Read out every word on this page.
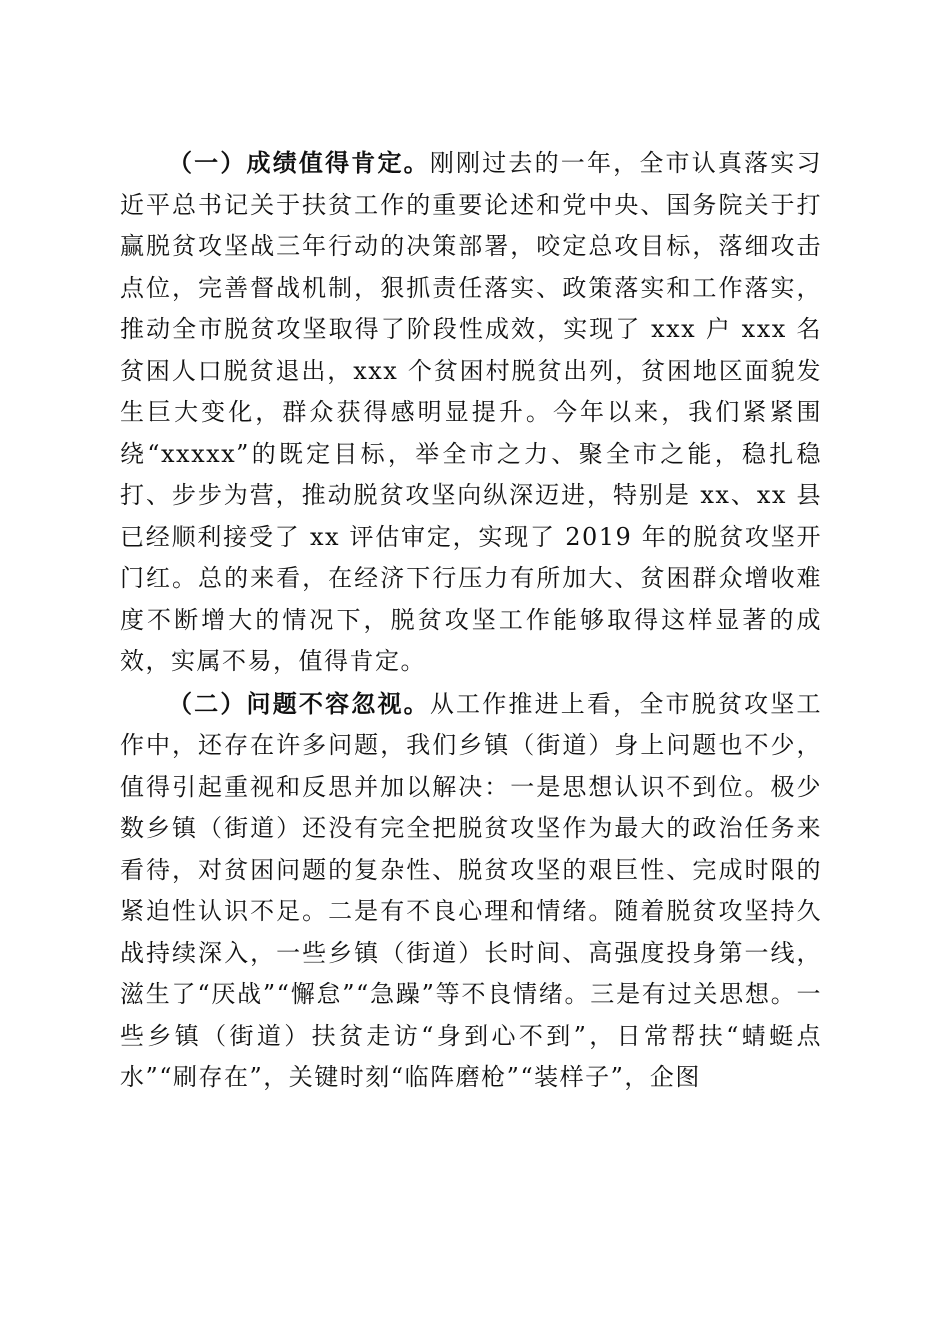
（一）成绩值得肯定。刚刚过去的一年，全市认真落实习近平总书记关于扶贫工作的重要论述和党中央、国务院关于打赢脱贫攻坚战三年行动的决策部署，咬定总攻目标，落细攻击点位，完善督战机制，狠抓责任落实、政策落实和工作落实，推动全市脱贫攻坚取得了阶段性成效，实现了 xxx 户 xxx 名贫困人口脱贫退出，xxx 个贫困村脱贫出列，贫困地区面貌发生巨大变化，群众获得感明显提升。今年以来，我们紧紧围绕“xxxxx”的既定目标，举全市之力、聚全市之能，稳扎稳打、步步为营，推动脱贫攻坚向纵深迈进，特别是 xx、xx 县已经顺利接受了 xx 评估审定，实现了 2019 年的脱贫攻坚开门红。总的来看，在经济下行压力有所加大、贫困群众增收难度不断增大的情况下，脱贫攻坚工作能够取得这样显著的成效，实属不易，值得肯定。

（二）问题不容忽视。从工作推进上看，全市脱贫攻坚工作中，还存在许多问题，我们乡镇（街道）身上问题也不少，值得引起重视和反思并加以解决：一是思想认识不到位。极少数乡镇（街道）还没有完全把脱贫攻坚作为最大的政治任务来看待，对贫困问题的复杂性、脱贫攻坚的艰巨性、完成时限的紧迫性认识不足。二是有不良心理和情绪。随着脱贫攻坚持久战持续深入，一些乡镇（街道）长时间、高强度投身第一线，滋生了“厌战”“懈怠”“急躁”等不良情绪。三是有过关思想。一些乡镇（街道）扶贫走访“身到心不到”，日常帮扶“蜻蜓点水”“刷存在”，关键时刻“临阵磨枪”“装样子”，企图
